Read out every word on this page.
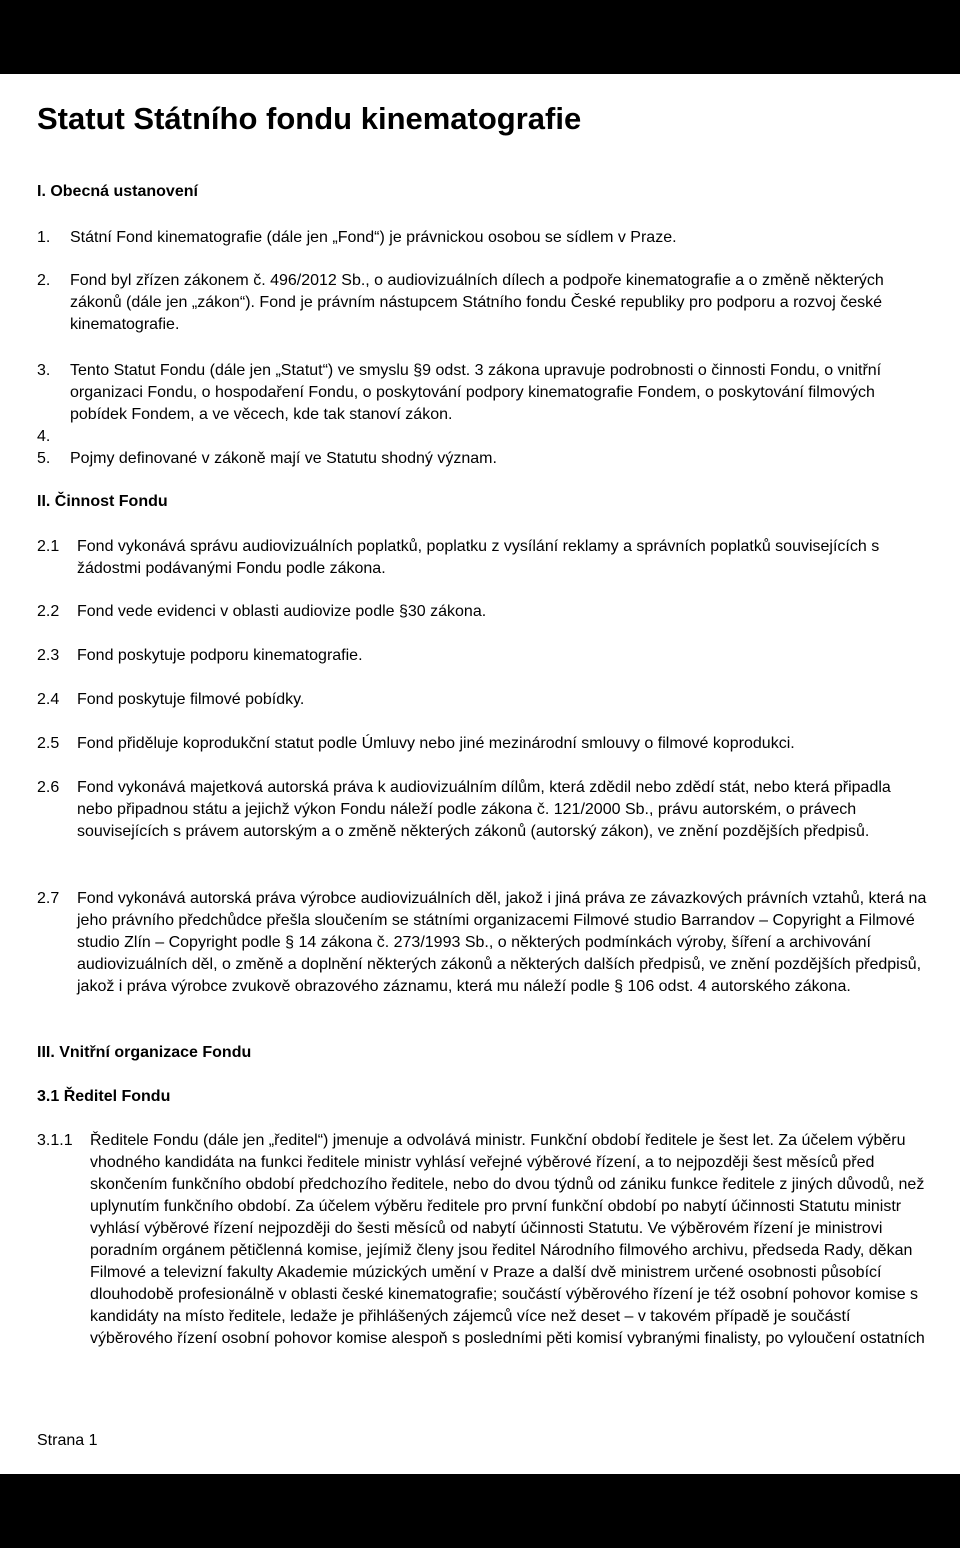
Statut Státního fondu kinematografie
I. Obecná ustanovení
1. Státní Fond kinematografie (dále jen „Fond“) je právnickou osobou se sídlem v Praze.
2. Fond byl zřízen zákonem č. 496/2012 Sb., o audiovizuálních dílech a podpoře kinematografie a o změně některých zákonů (dále jen „zákon“). Fond je právním nástupcem Státního fondu České republiky pro podporu a rozvoj české kinematografie.
3. Tento Statut Fondu (dále jen „Statut“) ve smyslu §9 odst. 3 zákona upravuje podrobnosti o činnosti Fondu, o vnitřní organizaci Fondu, o hospodaření Fondu, o poskytování podpory kinematografie Fondem, o poskytování filmových pobídek Fondem, a ve věcech, kde tak stanoví zákon.
4.
5. Pojmy definované v zákoně mají ve Statutu shodný význam.
II. Činnost Fondu
2.1 Fond vykonává správu audiovizuálních poplatků, poplatku z vysílání reklamy a správních poplatků souvisejících s žádostmi podávanými Fondu podle zákona.
2.2 Fond vede evidenci v oblasti audiovize podle §30 zákona.
2.3 Fond poskytuje podporu kinematografie.
2.4 Fond poskytuje filmové pobídky.
2.5 Fond přiděluje koprodukční statut podle Úmluvy nebo jiné mezinárodní smlouvy o filmové koprodukci.
2.6 Fond vykonává majetková autorská práva k audiovizuálním dílům, která zdědil nebo zdědí stát, nebo která připadla nebo připadnou státu a jejichž výkon Fondu náleží podle zákona č. 121/2000 Sb., právu autorském, o právech souvisejících s právem autorským a o změně některých zákonů (autorský zákon), ve znění pozdějších předpisů.
2.7 Fond vykonává autorská práva výrobce audiovizuálních děl, jakož i jiná práva ze závazkových právních vztahů, která na jeho právního předchůdce přešla sloučením se státními organizacemi Filmové studio Barrandov – Copyright a Filmové studio Zlín – Copyright podle § 14 zákona č. 273/1993 Sb., o některých podmínkách výroby, šíření a archivování audiovizuálních děl, o změně a doplnění některých zákonů a některých dalších předpisů, ve znění pozdějších předpisů, jakož i práva výrobce zvukově obrazového záznamu, která mu náleží podle § 106 odst. 4 autorského zákona.
III. Vnitřní organizace Fondu
3.1 Ředitel Fondu
3.1.1 Ředitele Fondu (dále jen „ředitel“) jmenuje a odvolává ministr. Funkční období ředitele je šest let. Za účelem výběru vhodného kandidáta na funkci ředitele ministr vyhlásí veřejné výběrové řízení, a to nejpozději šest měsíců před skončením funkčního období předchozího ředitele, nebo do dvou týdnů od zániku funkce ředitele z jiných důvodů, než uplynutím funkčního období. Za účelem výběru ředitele pro první funkční období po nabytí účinnosti Statutu ministr vyhlásí výběrové řízení nejpozději do šesti měsíců od nabytí účinnosti Statutu. Ve výběrovém řízení je ministrovi poradním orgánem pětičlenná komise, jejímiž členy jsou ředitel Národního filmového archivu, předseda Rady, děkan Filmové a televizní fakulty Akademie múzických umění v Praze a další dvě ministrem určené osobnosti působící dlouhodobě profesionálně v oblasti české kinematografie; součástí výběrového řízení je též osobní pohovor komise s kandidáty na místo ředitele, ledaže je přihlášených zájemců více než deset – v takovém případě je součástí výběrového řízení osobní pohovor komise alespoň s posledními pěti komisí vybranými finalisty, po vyloučení ostatních
Strana 1
